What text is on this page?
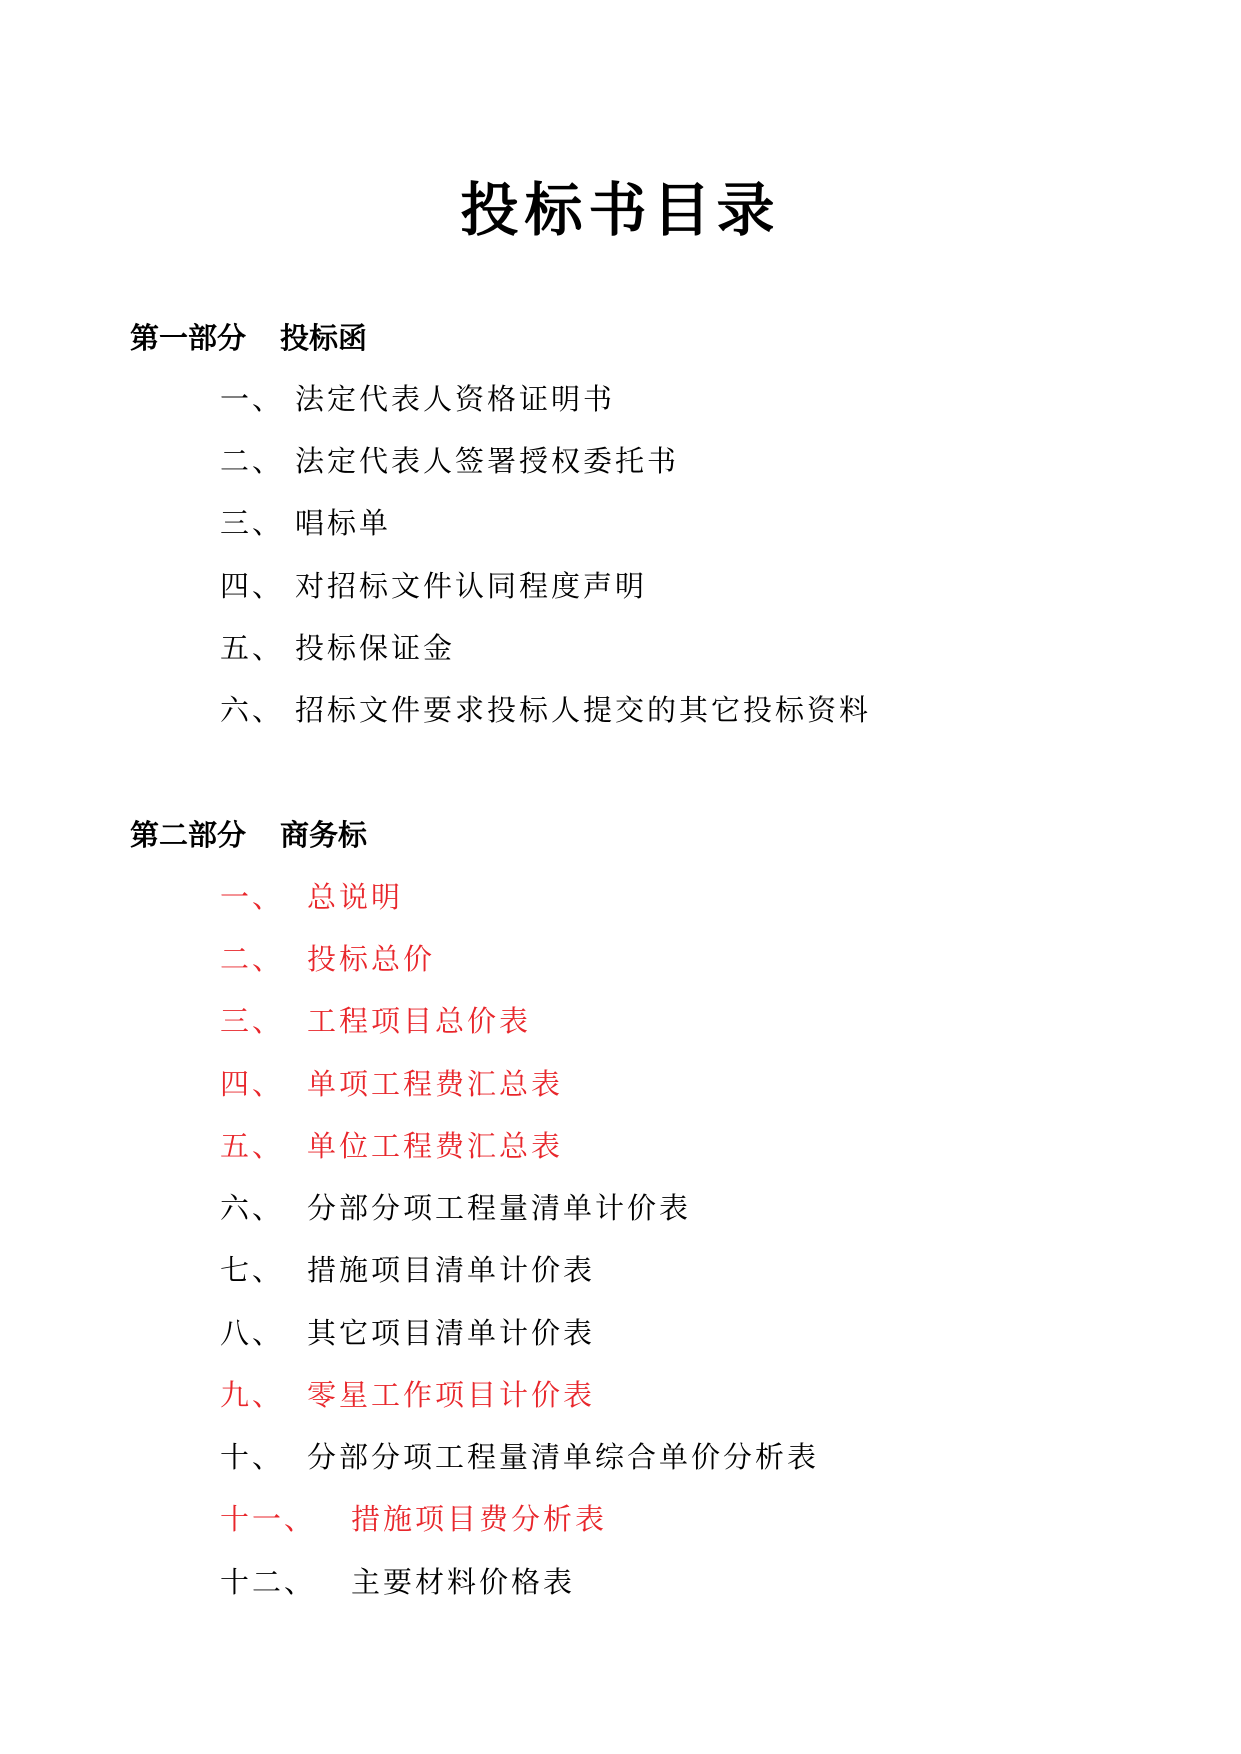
投标书目录
第一部分 投标函
一、 法定代表人资格证明书
二、 法定代表人签署授权委托书
三、 唱标单
四、 对招标文件认同程度声明
五、 投标保证金
六、 招标文件要求投标人提交的其它投标资料
第二部分 商务标
一、 总说明
二、 投标总价
三、 工程项目总价表
四、 单项工程费汇总表
五、 单位工程费汇总表
六、 分部分项工程量清单计价表
七、 措施项目清单计价表
八、 其它项目清单计价表
九、 零星工作项目计价表
十、 分部分项工程量清单综合单价分析表
十一、 措施项目费分析表
十二、 主要材料价格表
